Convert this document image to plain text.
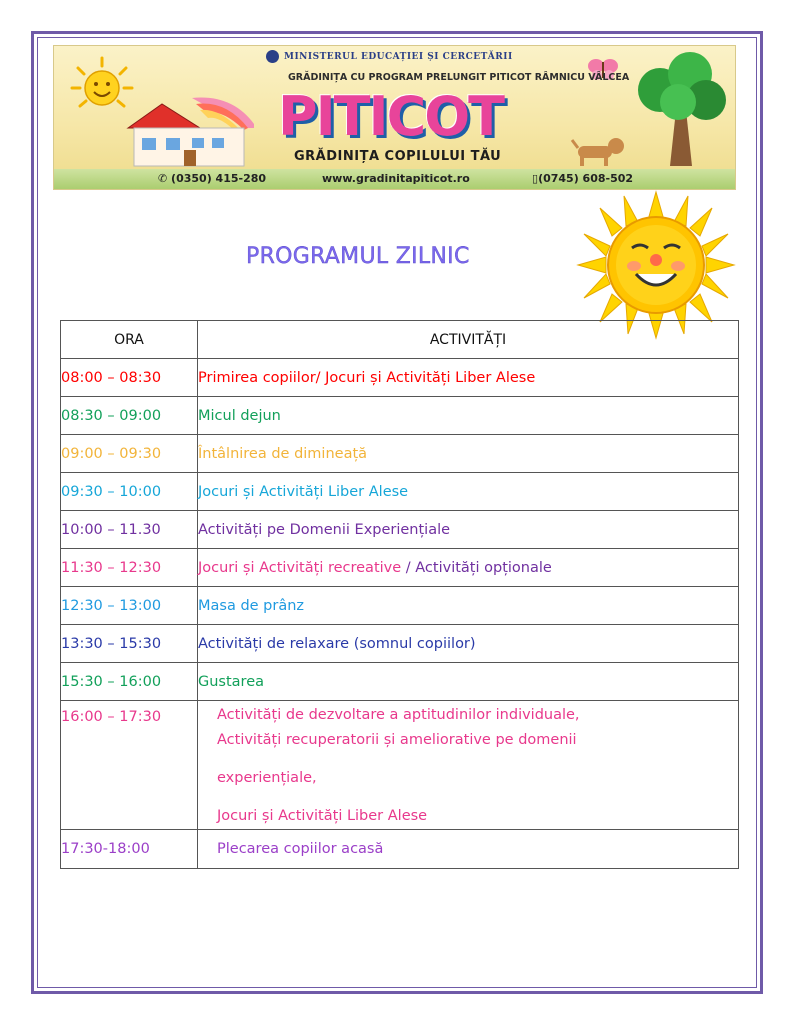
MINISTERUL EDUCAȚIEI ȘI CERCETĂRII
GRĂDINIȚA CU PROGRAM PRELUNGIT PITICOT RÂMNICU VÂLCEA
PITICOT
GRĂDINIȚA COPILULUI TĂU
✆ (0350) 415-280	www.gradinitapiticot.ro	▯(0745) 608-502
PROGRAMUL ZILNIC
ORA	ACTIVITĂȚI
08:00 – 08:30	Primirea copiilor/ Jocuri și Activități Liber Alese
08:30 – 09:00	Micul dejun
09:00 – 09:30	Întâlnirea de dimineață
09:30 – 10:00	Jocuri și Activități Liber Alese
10:00 – 11.30	Activități pe Domenii Experiențiale
11:30 – 12:30	Jocuri și Activități recreative / Activități opționale
12:30 – 13:00	Masa de prânz
13:30 – 15:30	Activități de relaxare (somnul copiilor)
15:30 – 16:00	Gustarea
16:00 – 17:30	Activități de dezvoltare a aptitudinilor individuale,
Activități recuperatorii și ameliorative pe domenii
experiențiale,
Jocuri și Activități Liber Alese

17:30-18:00	Plecarea copiilor acasă
